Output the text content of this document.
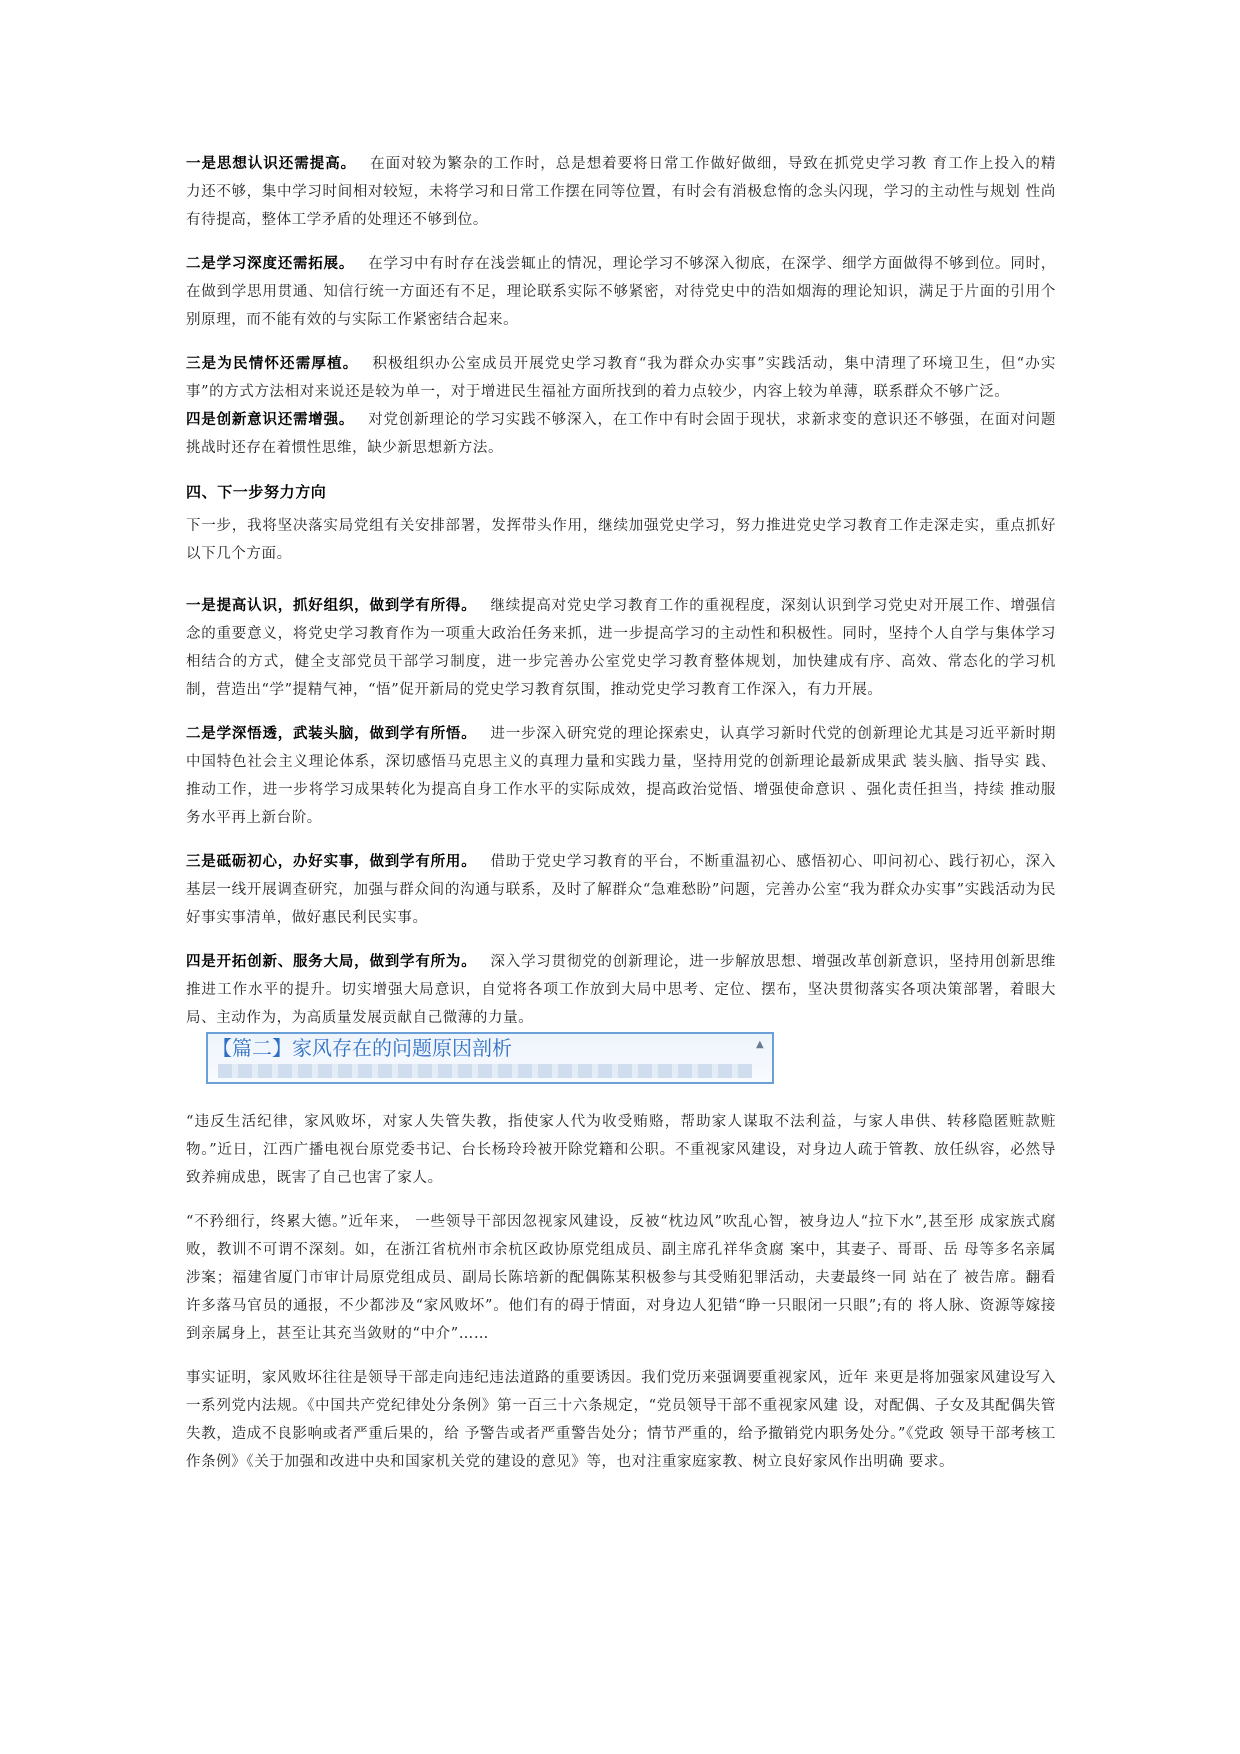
一是思想认识还需提高。 在面对较为繁杂的工作时，总是想着要将日常工作做好做细，导致在抓党史学习教 育工作上投入的精 力还不够，集中学习时间相对较短，未将学习和日常工作摆在同等位置，有时会有消极怠惰的念头闪现，学习的主动性与规划 性尚有待提高，整体工学矛盾的处理还不够到位。

二是学习深度还需拓展。 在学习中有时存在浅尝辄止的情况，理论学习不够深入彻底，在深学、细学方面做得不够到位。同时，在做到学思用贯通、知信行统一方面还有不足，理论联系实际不够紧密，对待党史中的浩如烟海的理论知识，满足于片面的引用个别原理，而不能有效的与实际工作紧密结合起来。

三是为民情怀还需厚植。 积极组织办公室成员开展党史学习教育“我为群众办实事”实践活动，集中清理了环境卫生，但“办实事”的方式方法相对来说还是较为单一，对于增进民生福祉方面所找到的着力点较少，内容上较为单薄，联系群众不够广泛。

四是创新意识还需增强。 对党创新理论的学习实践不够深入，在工作中有时会固于现状，求新求变的意识还不够强，在面对问题挑战时还存在着惯性思维，缺少新思想新方法。

四、下一步努力方向

下一步，我将坚决落实局党组有关安排部署，发挥带头作用，继续加强党史学习，努力推进党史学习教育工作走深走实，重点抓好以下几个方面。

一是提高认识，抓好组织，做到学有所得。 继续提高对党史学习教育工作的重视程度，深刻认识到学习党史对开展工作、增强信念的重要意义，将党史学习教育作为一项重大政治任务来抓，进一步提高学习的主动性和积极性。同时，坚持个人自学与集体学习相结合的方式，健全支部党员干部学习制度，进一步完善办公室党史学习教育整体规划，加快建成有序、高效、常态化的学习机制，营造出“学”提精气神，“悟”促开新局的党史学习教育氛围，推动党史学习教育工作深入，有力开展。

二是学深悟透，武装头脑，做到学有所悟。 进一步深入研究党的理论探索史，认真学习新时代党的创新理论尤其是习近平新时期中国特色社会主义理论体系，深切感悟马克思主义的真理力量和实践力量，坚持用党的创新理论最新成果武 装头脑、指导实 践、推动工作，进一步将学习成果转化为提高自身工作水平的实际成效，提高政治觉悟、增强使命意识 、强化责任担当，持续 推动服务水平再上新台阶。

三是砥砺初心，办好实事，做到学有所用。 借助于党史学习教育的平台，不断重温初心、感悟初心、叩问初心、践行初心，深入基层一线开展调查研究，加强与群众间的沟通与联系，及时了解群众“急难愁盼”问题，完善办公室“我为群众办实事”实践活动为民好事实事清单，做好惠民利民实事。

四是开拓创新、服务大局，做到学有所为。 深入学习贯彻党的创新理论，进一步解放思想、增强改革创新意识，坚持用创新思维推进工作水平的提升。切实增强大局意识，自觉将各项工作放到大局中思考、定位、摆布，坚决贯彻落实各项决策部署，着眼大局、主动作为，为高质量发展贡献自己微薄的力量。

【篇二】家风存在的问题原因剖析	▲

“违反生活纪律，家风败坏，对家人失管失教，指使家人代为收受贿赂，帮助家人谋取不法利益，与家人串供、转移隐匿赃款赃物。”近日，江西广播电视台原党委书记、台长杨玲玲被开除党籍和公职。不重视家风建设，对身边人疏于管教、放任纵容，必然导致养痈成患，既害了自己也害了家人。

“不矜细行，终累大德。”近年来， 一些领导干部因忽视家风建设，反被“枕边风”吹乱心智，被身边人“拉下水”,甚至形 成家族式腐败，教训不可谓不深刻。如，在浙江省杭州市余杭区政协原党组成员、副主席孔祥华贪腐 案中，其妻子、哥哥、岳 母等多名亲属涉案；福建省厦门市审计局原党组成员、副局长陈培新的配偶陈某积极参与其受贿犯罪活动，夫妻最终一同 站在了 被告席。翻看许多落马官员的通报，不少都涉及“家风败坏”。他们有的碍于情面，对身边人犯错“睁一只眼闭一只眼”;有的 将人脉、资源等嫁接到亲属身上，甚至让其充当敛财的“中介”……

事实证明，家风败坏往往是领导干部走向违纪违法道路的重要诱因。我们党历来强调要重视家风，近年 来更是将加强家风建设写入一系列党内法规。《中国共产党纪律处分条例》第一百三十六条规定，“党员领导干部不重视家风建 设，对配偶、子女及其配偶失管失教，造成不良影响或者严重后果的，给 予警告或者严重警告处分；情节严重的，给予撤销党内职务处分。”《党政 领导干部考核工作条例》《关于加强和改进中央和国家机关党的建设的意见》等，也对注重家庭家教、树立良好家风作出明确 要求。
